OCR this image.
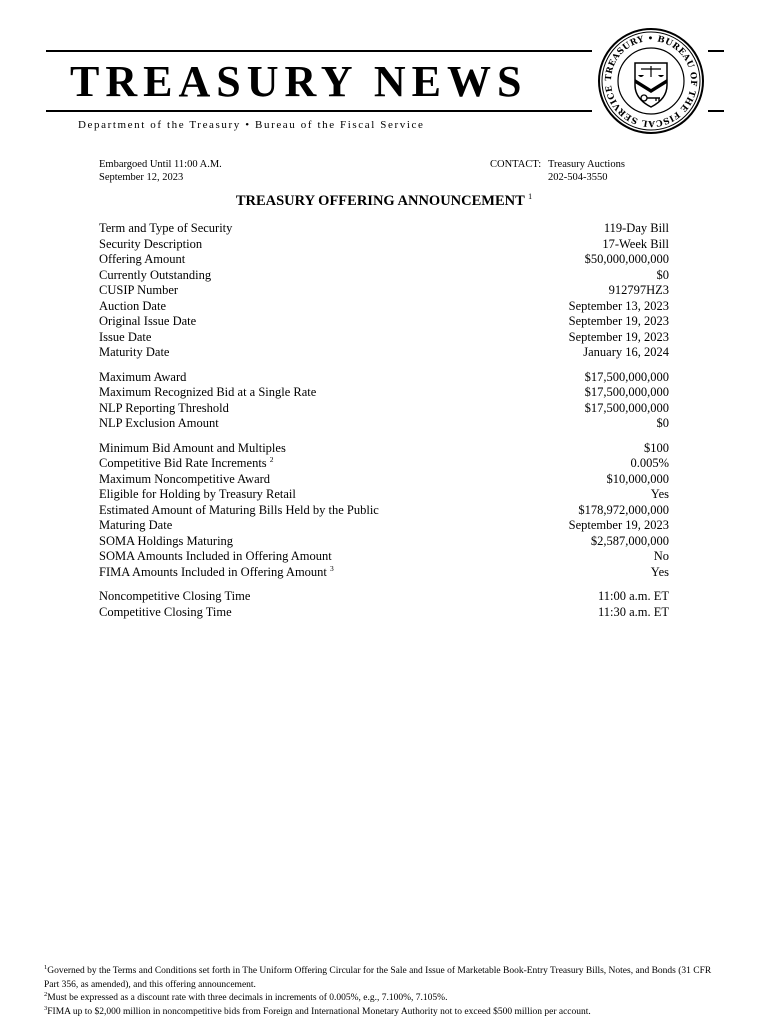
TREASURY NEWS

Department of the Treasury • Bureau of the Fiscal Service

TREASURY • BUREAU OF THE FISCAL SERVICE
Embargoed Until 11:00 A.M.
September 12, 2023
CONTACT: Treasury Auctions
202-504-3550
TREASURY OFFERING ANNOUNCEMENT $^1$
Term and Type of Security	119-Day Bill
Security Description	17-Week Bill
Offering Amount	$50,000,000,000
Currently Outstanding	$0
CUSIP Number	912797HZ3
Auction Date	September 13, 2023
Original Issue Date	September 19, 2023
Issue Date	September 19, 2023
Maturity Date	January 16, 2024
Maximum Award	$17,500,000,000
Maximum Recognized Bid at a Single Rate	$17,500,000,000
NLP Reporting Threshold	$17,500,000,000
NLP Exclusion Amount	$0
Minimum Bid Amount and Multiples	$100
Competitive Bid Rate Increments $^2$	0.005%
Maximum Noncompetitive Award	$10,000,000
Eligible for Holding by Treasury Retail	Yes
Estimated Amount of Maturing Bills Held by the Public	$178,972,000,000
Maturing Date	September 19, 2023
SOMA Holdings Maturing	$2,587,000,000
SOMA Amounts Included in Offering Amount	No
FIMA Amounts Included in Offering Amount $^3$	Yes
Noncompetitive Closing Time	11:00 a.m. ET
Competitive Closing Time	11:30 a.m. ET

$^1$Governed by the Terms and Conditions set forth in The Uniform Offering Circular for the Sale and Issue of Marketable Book-Entry Treasury Bills, Notes, and Bonds (31 CFR Part 356, as amended), and this offering announcement.

$^2$Must be expressed as a discount rate with three decimals in increments of 0.005%, e.g., 7.100%, 7.105%.

$^3$FIMA up to $2,000 million in noncompetitive bids from Foreign and International Monetary Authority not to exceed $500 million per account.
